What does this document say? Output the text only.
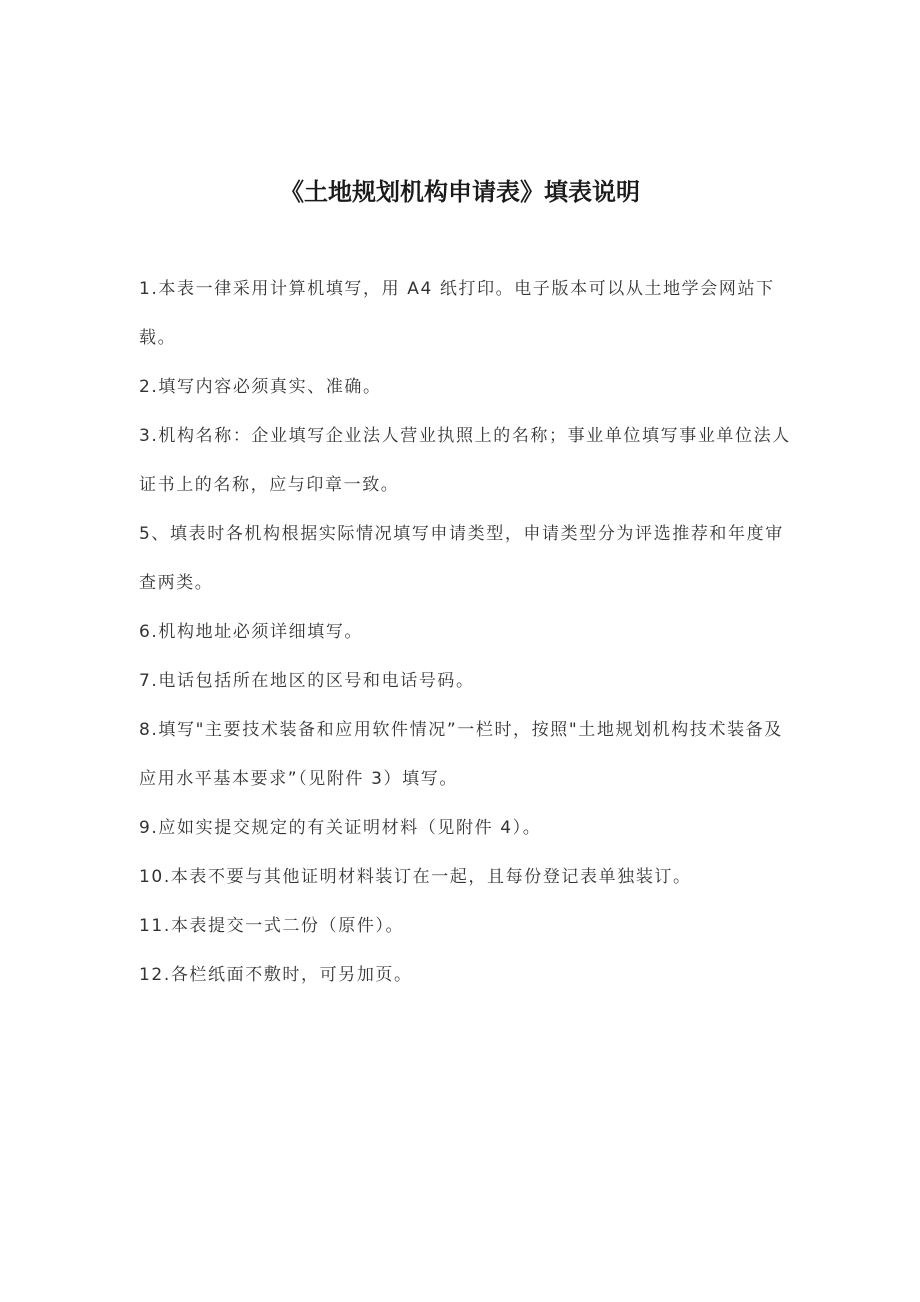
《土地规划机构申请表》填表说明
1.本表一律采用计算机填写，用 A4 纸打印。电子版本可以从土地学会网站下载。
2.填写内容必须真实、准确。
3.机构名称：企业填写企业法人营业执照上的名称；事业单位填写事业单位法人证书上的名称，应与印章一致。
5、填表时各机构根据实际情况填写申请类型，申请类型分为评选推荐和年度审查两类。
6.机构地址必须详细填写。
7.电话包括所在地区的区号和电话号码。
8.填写"主要技术装备和应用软件情况”一栏时，按照"土地规划机构技术装备及应用水平基本要求”（见附件 3）填写。
9.应如实提交规定的有关证明材料（见附件 4）。
10.本表不要与其他证明材料装订在一起，且每份登记表单独装订。
11.本表提交一式二份（原件）。
12.各栏纸面不敷时，可另加页。
